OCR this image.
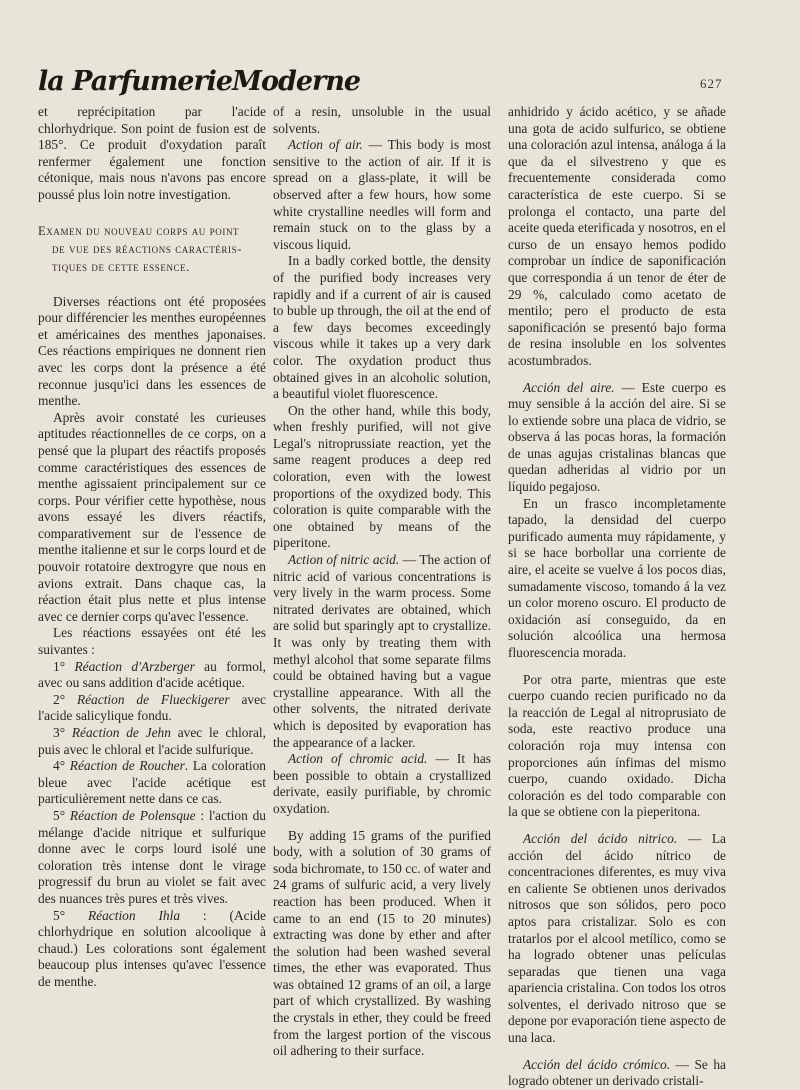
la ParfumerieModerne	627

et reprécipitation par l'acide chlorhydrique. Son point de fusion est de 185°. Ce produit d'oxydation paraît renfermer également une fonction cétonique, mais nous n'avons pas encore poussé plus loin notre investigation.

Examen du nouveau corps au point
de vue des réactions caractéris-
tiques de cette essence.

Diverses réactions ont été proposées pour différencier les menthes européennes et américaines des menthes japonaises. Ces réactions empiriques ne donnent rien avec les corps dont la présence a été reconnue jusqu'ici dans les essences de menthe.

Après avoir constaté les curieuses aptitudes réactionnelles de ce corps, on a pensé que la plupart des réactifs proposés comme caractéristiques des essences de menthe agissaient principalement sur ce corps. Pour vérifier cette hypothèse, nous avons essayé les divers réactifs, comparativement sur de l'essence de menthe italienne et sur le corps lourd et de pouvoir rotatoire dextrogyre que nous en avions extrait. Dans chaque cas, la réaction était plus nette et plus intense avec ce dernier corps qu'avec l'essence.

Les réactions essayées ont été les suivantes :

1° Réaction d'Arzberger au formol, avec ou sans addition d'acide acétique.

2° Réaction de Flueckigerer avec l'acide salicylique fondu.

3° Réaction de Jehn avec le chloral, puis avec le chloral et l'acide sulfurique.

4° Réaction de Roucher. La coloration bleue avec l'acide acétique est particulièrement nette dans ce cas.

5° Réaction de Polensque : l'action du mélange d'acide nitrique et sulfurique donne avec le corps lourd isolé une coloration très intense dont le virage progressif du brun au violet se fait avec des nuances très pures et très vives.

5° Réaction Ihla : (Acide chlorhydrique en solution alcoolique à chaud.) Les colorations sont également beaucoup plus intenses qu'avec l'essence de menthe.

of a resin, unsoluble in the usual solvents.

Action of air. — This body is most sensitive to the action of air. If it is spread on a glass-plate, it will be observed after a few hours, how some white crystalline needles will form and remain stuck on to the glass by a viscous liquid.

In a badly corked bottle, the density of the purified body increases very rapidly and if a current of air is caused to buble up through, the oil at the end of a few days becomes exceedingly viscous while it takes up a very dark color. The oxydation product thus obtained gives in an alcoholic solution, a beautiful violet fluorescence.

On the other hand, while this body, when freshly purified, will not give Legal's nitroprussiate reaction, yet the same reagent produces a deep red coloration, even with the lowest proportions of the oxydized body. This coloration is quite comparable with the one obtained by means of the piperitone.

Action of nitric acid. — The action of nitric acid of various concentrations is very lively in the warm process. Some nitrated derivates are obtained, which are solid but sparingly apt to crystallize. It was only by treating them with methyl alcohol that some separate films could be obtained having but a vague crystalline appearance. With all the other solvents, the nitrated derivate which is deposited by evaporation has the appearance of a lacker.

Action of chromic acid. — It has been possible to obtain a crystallized derivate, easily purifiable, by chromic oxydation.

By adding 15 grams of the purified body, with a solution of 30 grams of soda bichromate, to 150 cc. of water and 24 grams of sulfuric acid, a very lively reaction has been produced. When it came to an end (15 to 20 minutes) extracting was done by ether and after the solution had been washed several times, the ether was evaporated. Thus was obtained 12 grams of an oil, a large part of which crystallized. By washing the crystals in ether, they could be freed from the largest portion of the viscous oil adhering to their surface.

anhidrido y ácido acético, y se añade una gota de acido sulfurico, se obtiene una coloración azul intensa, análoga á la que da el silvestreno y que es frecuentemente considerada como característica de este cuerpo. Si se prolonga el contacto, una parte del aceite queda eterificada y nosotros, en el curso de un ensayo hemos podido comprobar un índice de saponificación que correspondia á un tenor de éter de 29 %, calculado como acetato de mentilo; pero el producto de esta saponificación se presentó bajo forma de resina insoluble en los solventes acostumbrados.

Acción del aire. — Este cuerpo es muy sensible á la acción del aire. Si se lo extiende sobre una placa de vidrio, se observa á las pocas horas, la formación de unas agujas cristalinas blancas que quedan adheridas al vidrio por un líquido pegajoso.

En un frasco incompletamente tapado, la densidad del cuerpo purificado aumenta muy rápidamente, y si se hace borbollar una corriente de aire, el aceite se vuelve á los pocos dias, sumadamente viscoso, tomando á la vez un color moreno oscuro. El producto de oxidación así conseguido, da en solución alcoólica una hermosa fluorescencia morada.

Por otra parte, mientras que este cuerpo cuando recien purificado no da la reacción de Legal al nitroprusiato de soda, este reactivo produce una coloración roja muy intensa con proporciones aún ínfimas del mismo cuerpo, cuando oxidado. Dicha coloración es del todo comparable con la que se obtiene con la pieperitona.

Acción del ácido nitrico. — La acción del ácido nítrico de concentraciones diferentes, es muy viva en caliente Se obtienen unos derivados nitrosos que son sólidos, pero poco aptos para cristalizar. Solo es con tratarlos por el alcool metílico, como se ha logrado obtener unas películas separadas que tienen una vaga apariencia cristalina. Con todos los otros solventes, el derivado nitroso que se depone por evaporación tiene aspecto de una laca.

Acción del ácido crómico. — Se ha logrado obtener un derivado cristali-
